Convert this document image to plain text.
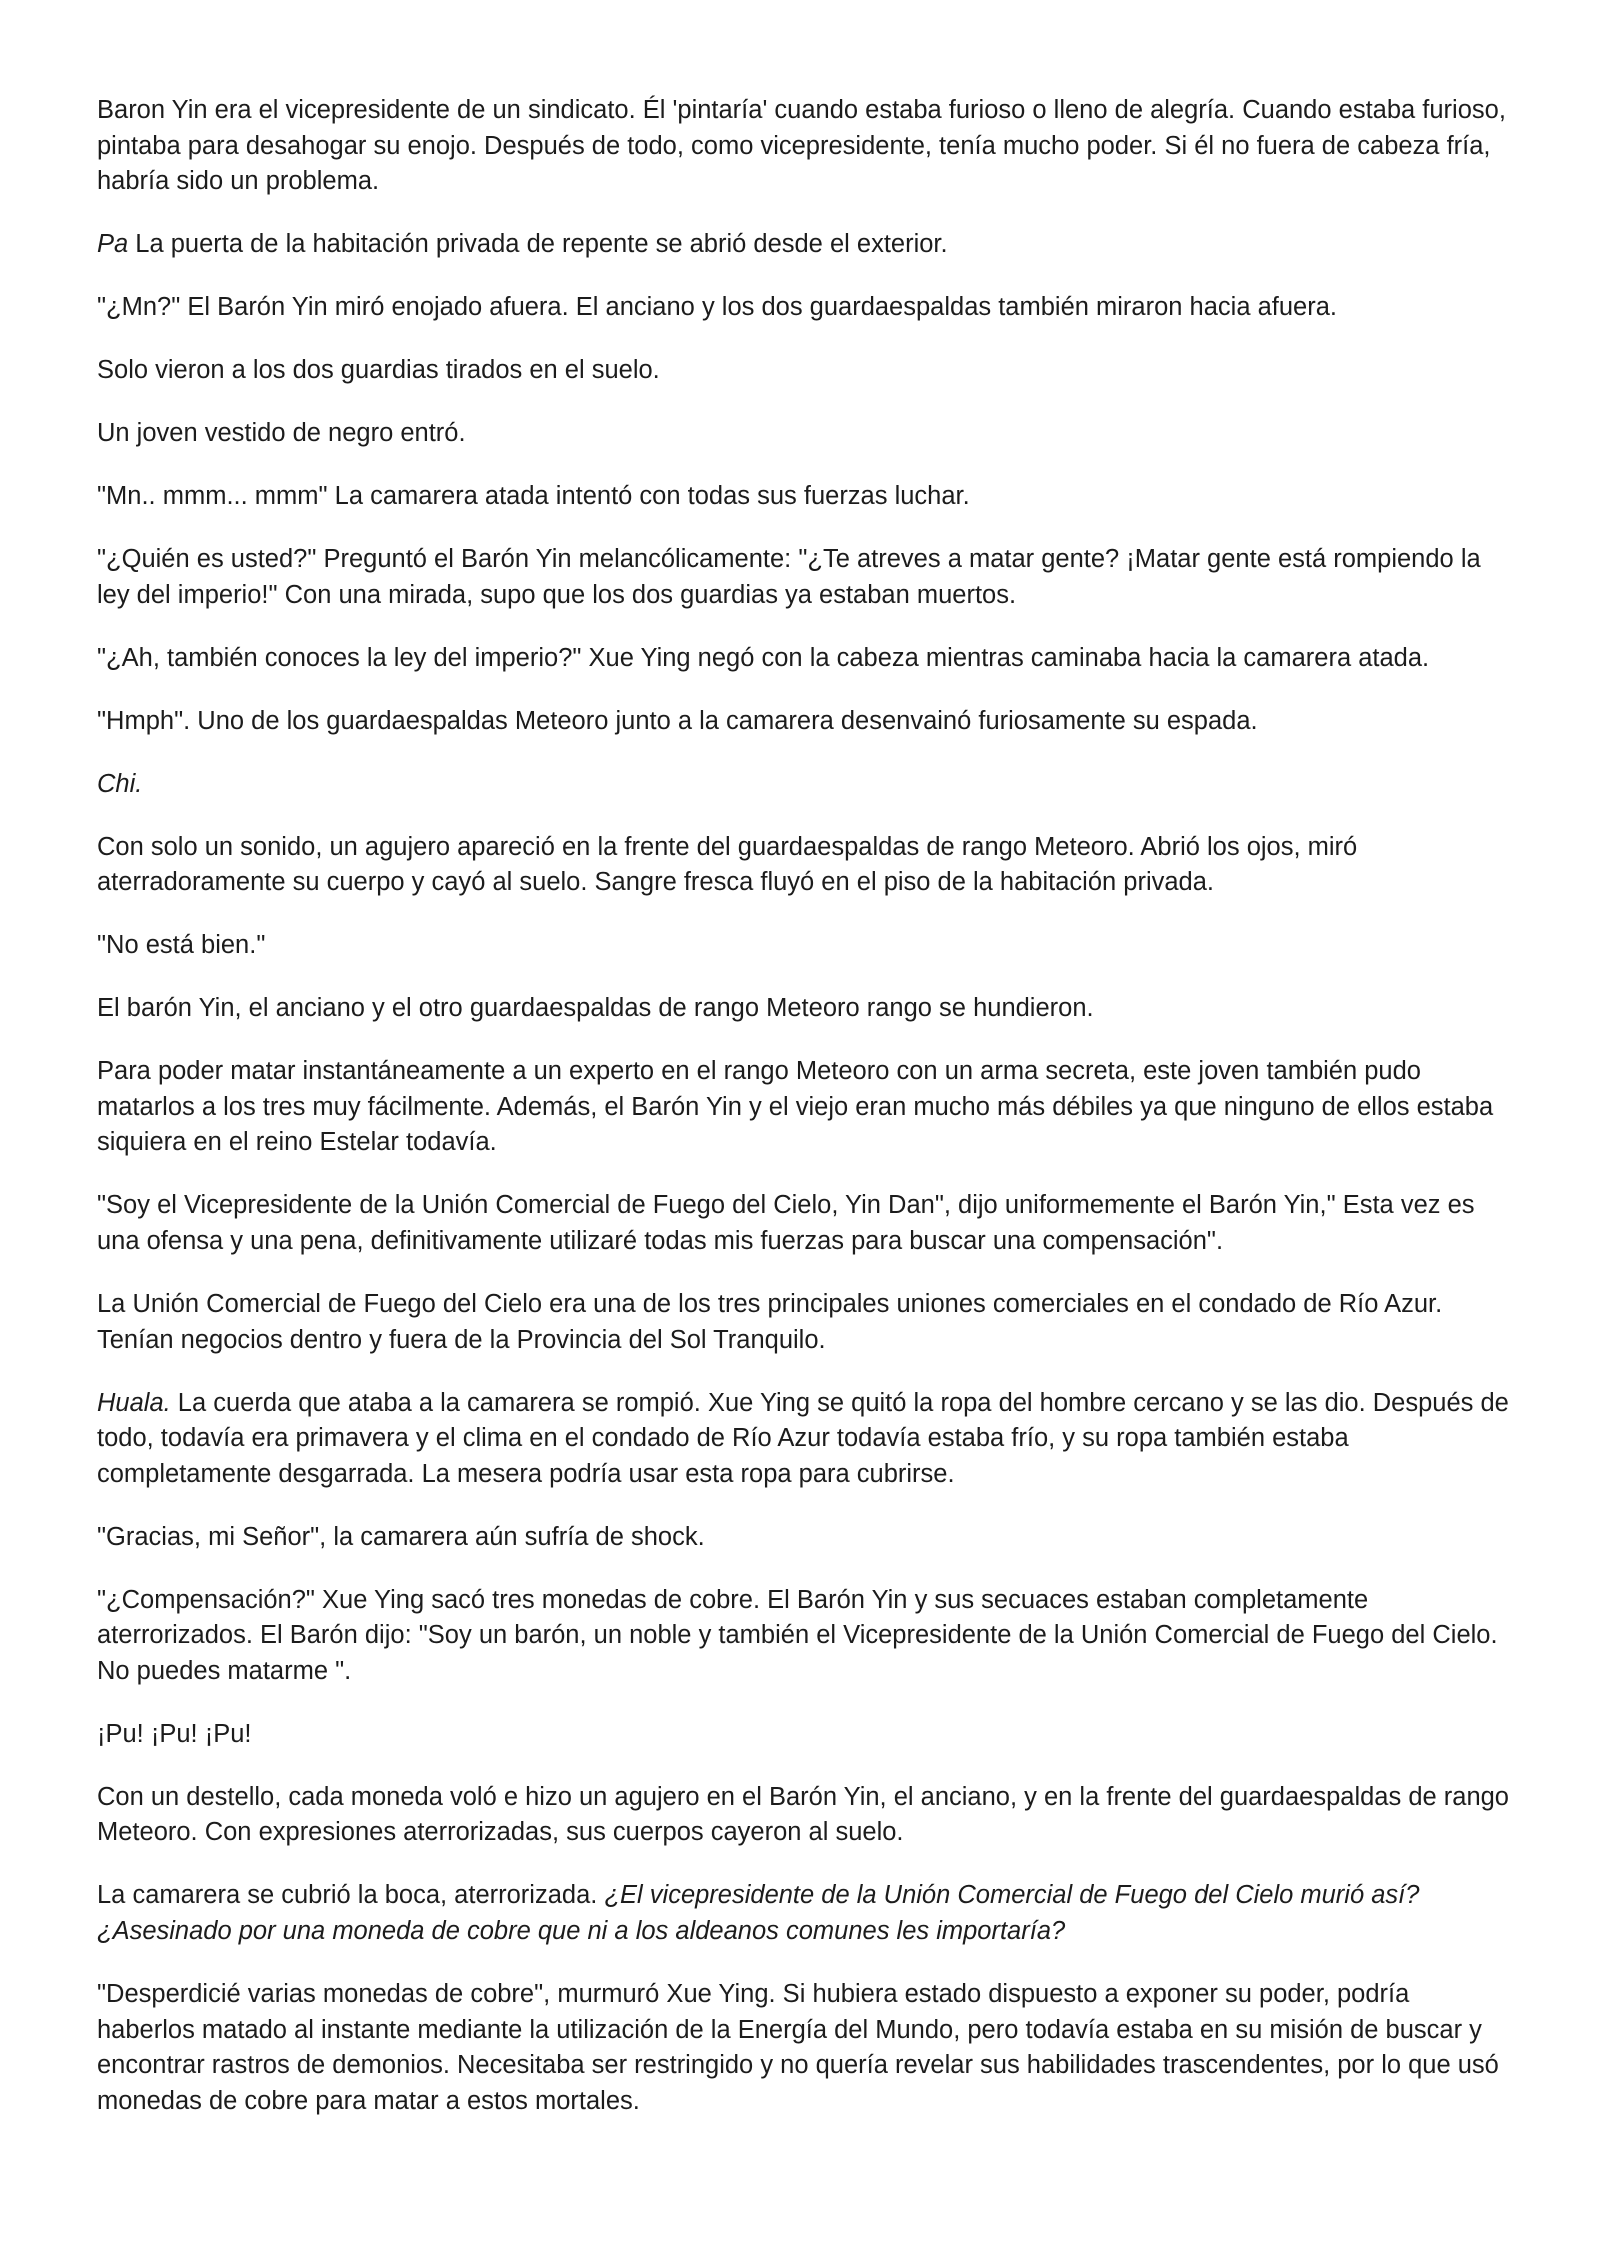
Baron Yin era el vicepresidente de un sindicato. Él 'pintaría' cuando estaba furioso o lleno de alegría. Cuando estaba furioso, pintaba para desahogar su enojo. Después de todo, como vicepresidente, tenía mucho poder. Si él no fuera de cabeza fría, habría sido un problema.

Pa La puerta de la habitación privada de repente se abrió desde el exterior.

"¿Mn?" El Barón Yin miró enojado afuera. El anciano y los dos guardaespaldas también miraron hacia afuera.

Solo vieron a los dos guardias tirados en el suelo.

Un joven vestido de negro entró.

"Mn.. mmm... mmm" La camarera atada intentó con todas sus fuerzas luchar.

"¿Quién es usted?" Preguntó el Barón Yin melancólicamente: "¿Te atreves a matar gente? ¡Matar gente está rompiendo la ley del imperio!" Con una mirada, supo que los dos guardias ya estaban muertos.

"¿Ah, también conoces la ley del imperio?" Xue Ying negó con la cabeza mientras caminaba hacia la camarera atada.

"Hmph". Uno de los guardaespaldas Meteoro junto a la camarera desenvainó furiosamente su espada.

Chi.

Con solo un sonido, un agujero apareció en la frente del guardaespaldas de rango Meteoro. Abrió los ojos, miró aterradoramente su cuerpo y cayó al suelo. Sangre fresca fluyó en el piso de la habitación privada.

"No está bien."

El barón Yin, el anciano y el otro guardaespaldas de rango Meteoro rango se hundieron.

Para poder matar instantáneamente a un experto en el rango Meteoro con un arma secreta, este joven también pudo matarlos a los tres muy fácilmente. Además, el Barón Yin y el viejo eran mucho más débiles ya que ninguno de ellos estaba siquiera en el reino Estelar todavía.

"Soy el Vicepresidente de la Unión Comercial de Fuego del Cielo, Yin Dan", dijo uniformemente el Barón Yin," Esta vez es una ofensa y una pena, definitivamente utilizaré todas mis fuerzas para buscar una compensación".

La Unión Comercial de Fuego del Cielo era una de los tres principales uniones comerciales en el condado de Río Azur. Tenían negocios dentro y fuera de la Provincia del Sol Tranquilo.

Huala. La cuerda que ataba a la camarera se rompió. Xue Ying se quitó la ropa del hombre cercano y se las dio. Después de todo, todavía era primavera y el clima en el condado de Río Azur todavía estaba frío, y su ropa también estaba completamente desgarrada. La mesera podría usar esta ropa para cubrirse.

"Gracias, mi Señor", la camarera aún sufría de shock.

"¿Compensación?" Xue Ying sacó tres monedas de cobre. El Barón Yin y sus secuaces estaban completamente aterrorizados. El Barón dijo: "Soy un barón, un noble y también el Vicepresidente de la Unión Comercial de Fuego del Cielo. No puedes matarme ".

¡Pu! ¡Pu! ¡Pu!

Con un destello, cada moneda voló e hizo un agujero en el Barón Yin, el anciano, y en la frente del guardaespaldas de rango Meteoro. Con expresiones aterrorizadas, sus cuerpos cayeron al suelo.

La camarera se cubrió la boca, aterrorizada. ¿El vicepresidente de la Unión Comercial de Fuego del Cielo murió así? ¿Asesinado por una moneda de cobre que ni a los aldeanos comunes les importaría?

"Desperdicié varias monedas de cobre", murmuró Xue Ying. Si hubiera estado dispuesto a exponer su poder, podría haberlos matado al instante mediante la utilización de la Energía del Mundo, pero todavía estaba en su misión de buscar y encontrar rastros de demonios. Necesitaba ser restringido y no quería revelar sus habilidades trascendentes, por lo que usó monedas de cobre para matar a estos mortales.
